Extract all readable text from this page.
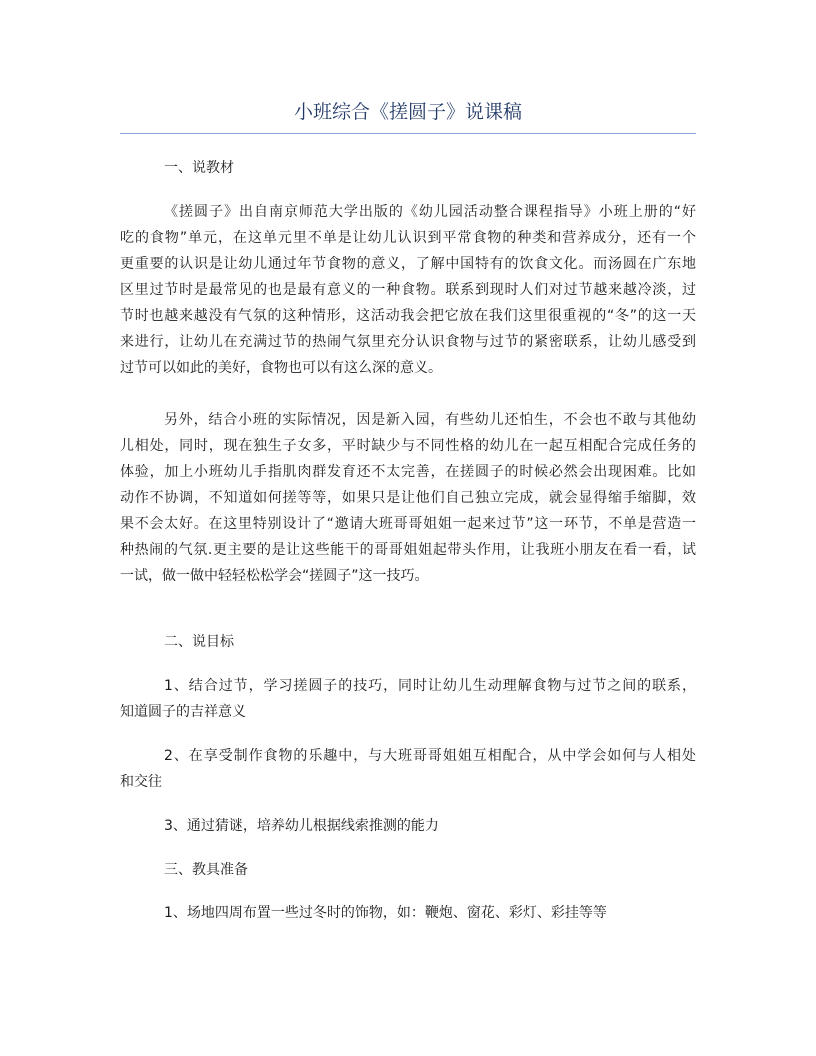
小班综合《搓圆子》说课稿
一、说教材
《搓圆子》出自南京师范大学出版的《幼儿园活动整合课程指导》小班上册的“好
吃的食物”单元，在这单元里不单是让幼儿认识到平常食物的种类和营养成分，还有一个
更重要的认识是让幼儿通过年节食物的意义，了解中国特有的饮食文化。而汤圆在广东地
区里过节时是最常见的也是最有意义的一种食物。联系到现时人们对过节越来越冷淡，过
节时也越来越没有气氛的这种情形，这活动我会把它放在我们这里很重视的“冬”的这一天
来进行，让幼儿在充满过节的热闹气氛里充分认识食物与过节的紧密联系，让幼儿感受到
过节可以如此的美好，食物也可以有这么深的意义。
另外，结合小班的实际情况，因是新入园，有些幼儿还怕生，不会也不敢与其他幼
儿相处，同时，现在独生子女多，平时缺少与不同性格的幼儿在一起互相配合完成任务的
体验，加上小班幼儿手指肌肉群发育还不太完善，在搓圆子的时候必然会出现困难。比如
动作不协调，不知道如何搓等等，如果只是让他们自己独立完成，就会显得缩手缩脚，效
果不会太好。在这里特别设计了“邀请大班哥哥姐姐一起来过节”这一环节，不单是营造一
种热闹的气氛.更主要的是让这些能干的哥哥姐姐起带头作用，让我班小朋友在看一看，试
一试，做一做中轻轻松松学会“搓圆子”这一技巧。
二、说目标
1、结合过节，学习搓圆子的技巧，同时让幼儿生动理解食物与过节之间的联系，
知道圆子的吉祥意义
2、在享受制作食物的乐趣中，与大班哥哥姐姐互相配合，从中学会如何与人相处
和交往
3、通过猜谜，培养幼儿根据线索推测的能力
三、教具准备
1、场地四周布置一些过冬时的饰物，如：鞭炮、窗花、彩灯、彩挂等等
